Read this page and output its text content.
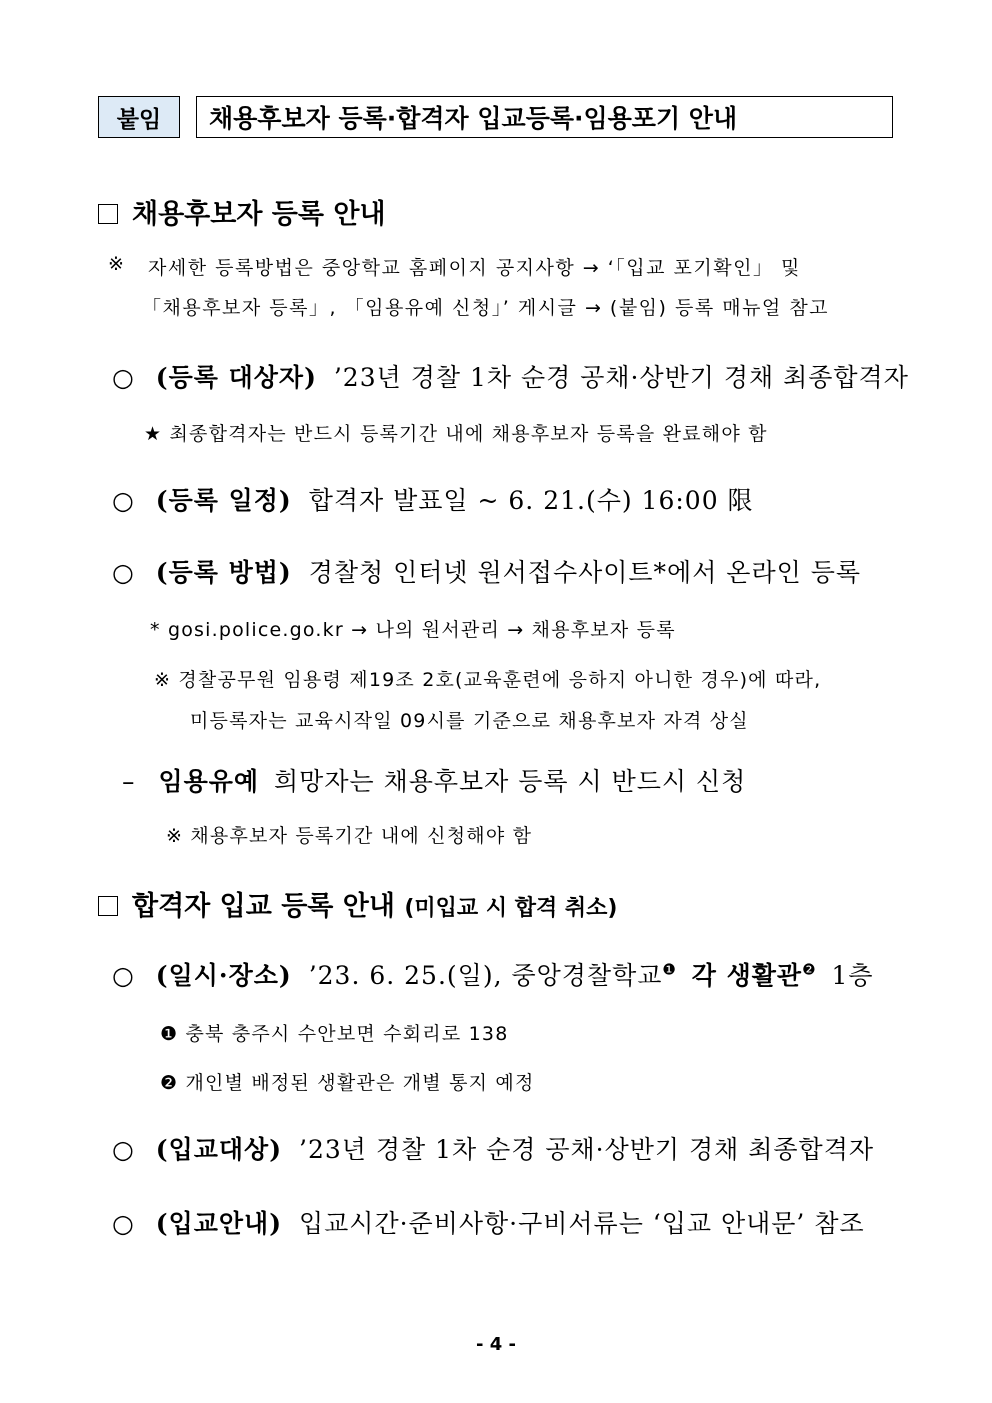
붙임	채용후보자 등록·합격자 입교등록·임용포기 안내
채용후보자 등록 안내
※ 자세한 등록방법은 중앙학교 홈페이지 공지사항 → ‘「입교 포기확인」 및
「채용후보자 등록」, 「임용유예 신청」’ 게시글 → (붙임) 등록 매뉴얼 참고
○ (등록 대상자) ’23년 경찰 1차 순경 공채·상반기 경채 최종합격자
★ 최종합격자는 반드시 등록기간 내에 채용후보자 등록을 완료해야 함
○ (등록 일정) 합격자 발표일 ~ 6. 21.(수) 16:00 限
○ (등록 방법) 경찰청 인터넷 원서접수사이트*에서 온라인 등록
* gosi.police.go.kr → 나의 원서관리 → 채용후보자 등록
※ 경찰공무원 임용령 제19조 2호(교육훈련에 응하지 아니한 경우)에 따라,
미등록자는 교육시작일 09시를 기준으로 채용후보자 자격 상실
– 임용유예 희망자는 채용후보자 등록 시 반드시 신청
※ 채용후보자 등록기간 내에 신청해야 함
합격자 입교 등록 안내 (미입교 시 합격 취소)
○ (일시·장소) ’23. 6. 25.(일), 중앙경찰학교$^❶$ 각 생활관$^❷$ 1층
❶ 충북 충주시 수안보면 수회리로 138
❷ 개인별 배정된 생활관은 개별 통지 예정
○ (입교대상) ’23년 경찰 1차 순경 공채·상반기 경채 최종합격자
○ (입교안내) 입교시간·준비사항·구비서류는 ‘입교 안내문’ 참조
- 4 -
